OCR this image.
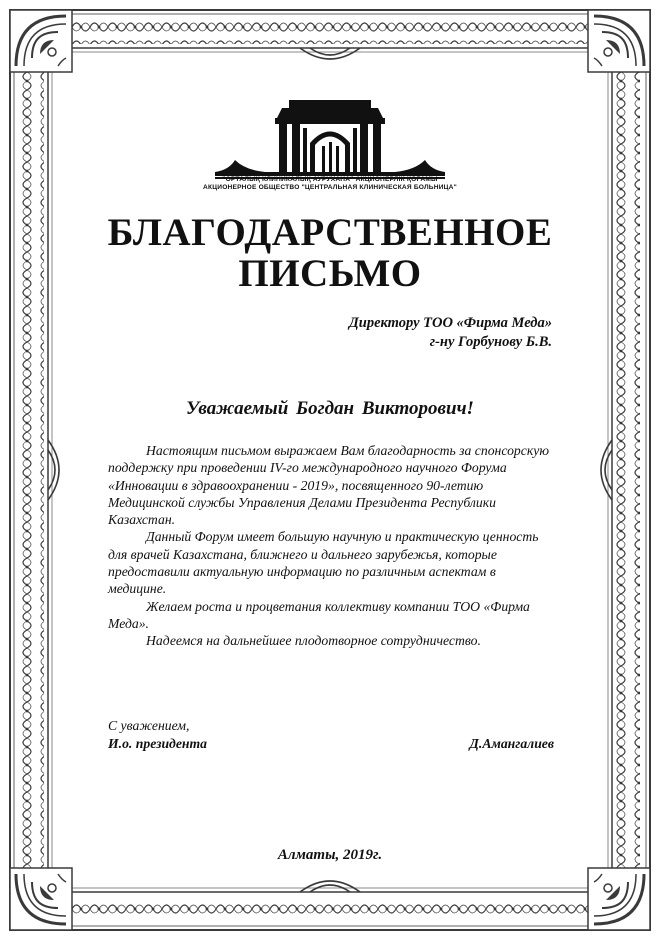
"ОРТАЛЫҚ КЛИНИКАЛЫҚ АУРУХАНА" АКЦИОНЕРЛІК ҚОҒАМЫ
АКЦИОНЕРНОЕ ОБЩЕСТВО "ЦЕНТРАЛЬНАЯ КЛИНИЧЕСКАЯ БОЛЬНИЦА"
БЛАГОДАРСТВЕННОЕ
ПИСЬМО
Директору ТОО «Фирма Меда»
г-ну Горбунову Б.В.
Уважаемый Богдан Викторович!

Настоящим письмом выражаем Вам благодарность за спонсорскую поддержку при проведении IV-го международного научного Форума «Инновации в здравоохранении - 2019», посвященного 90-летию Медицинской службы Управления Делами Президента Республики Казахстан.

Данный Форум имеет большую научную и практическую ценность для врачей Казахстана, ближнего и дальнего зарубежья, которые предоставили актуальную информацию по различным аспектам в медицине.

Желаем роста и процветания коллективу компании ТОО «Фирма Меда».

Надеемся на дальнейшее плодотворное сотрудничество.

С уважением,
И.о. президента	Д.Амангалиев
Алматы, 2019г.
